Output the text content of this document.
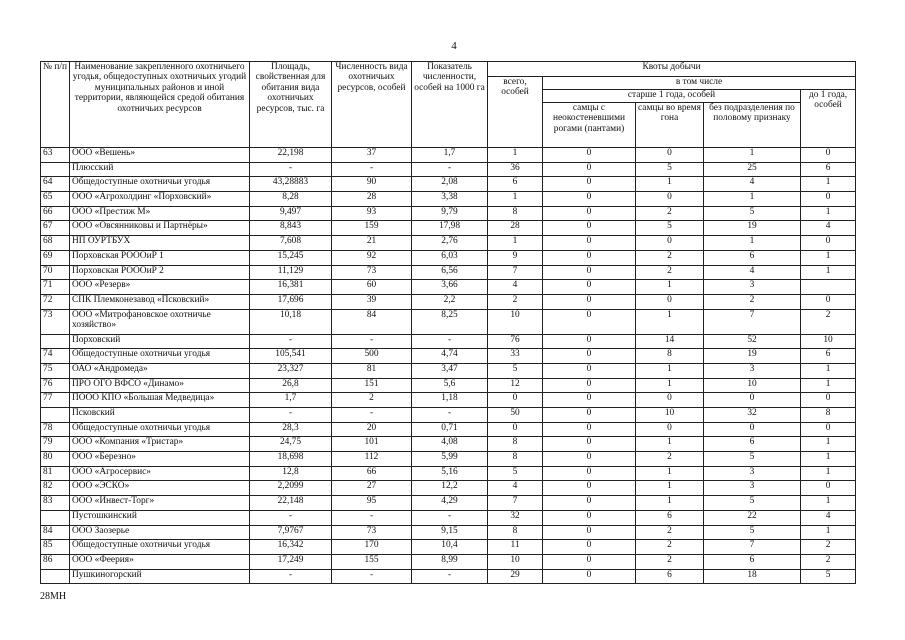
4
№ п/п	Наименование закрепленного охотничьего угодья, общедоступных охотничьих угодий муниципальных районов и иной территории, являющейся средой обитания охотничьих ресурсов	Площадь, свойственная для обитания вида охотничьих ресурсов, тыс. га	Численность вида охотничьих ресурсов, особей	Показатель численности, особей на 1000 га	Квоты добычи				
					всего, особей	в том числе			
						старше 1 года, особей			до 1 года, особей
						самцы с неокостеневшими рогами (пантами)	самцы во время гона	без подразделения по половому признаку	
63	ООО «Вешень»	22,198	37	1,7	1	0	0	1	0
	Плюсский	-	-	-	36	0	5	25	6
64	Общедоступные охотничьи угодья	43,28883	90	2,08	6	0	1	4	1
65	ООО «Агрохолдинг «Порховский»	8,28	28	3,38	1	0	0	1	0
66	ООО «Престиж М»	9,497	93	9,79	8	0	2	5	1
67	ООО «Овсянниковы и Партнёры»	8,843	159	17,98	28	0	5	19	4
68	НП ОУРТБУХ	7,608	21	2,76	1	0	0	1	0
69	Порховская РОООиР 1	15,245	92	6,03	9	0	2	6	1
70	Порховская РОООиР 2	11,129	73	6,56	7	0	2	4	1
71	ООО «Резерв»	16,381	60	3,66	4	0	1	3	
72	СПК Племконезавод «Псковский»	17,696	39	2,2	2	0	0	2	0
73	ООО «Митрофановское охотничье хозяйство»	10,18	84	8,25	10	0	1	7	2
	Порховский	-	-	-	76	0	14	52	10
74	Общедоступные охотничьи угодья	105,541	500	4,74	33	0	8	19	6
75	ОАО «Андромеда»	23,327	81	3,47	5	0	1	3	1
76	ПРО ОГО ВФСО «Динамо»	26,8	151	5,6	12	0	1	10	1
77	ПООО КПО «Большая Медведица»	1,7	2	1,18	0	0	0	0	0
	Псковский	-	-	-	50	0	10	32	8
78	Общедоступные охотничьи угодья	28,3	20	0,71	0	0	0	0	0
79	ООО «Компания «Тристар»	24,75	101	4,08	8	0	1	6	1
80	ООО «Березно»	18,698	112	5,99	8	0	2	5	1
81	ООО «Агросервис»	12,8	66	5,16	5	0	1	3	1
82	ООО «ЭСКО»	2,2099	27	12,2	4	0	1	3	0
83	ООО «Инвест-Торг»	22,148	95	4,29	7	0	1	5	1
	Пустошкинский	-	-	-	32	0	6	22	4
84	ООО Заозерье	7,9767	73	9,15	8	0	2	5	1
85	Общедоступные охотничьи угодья	16,342	170	10,4	11	0	2	7	2
86	ООО «Феерия»	17,249	155	8,99	10	0	2	6	2
	Пушкиногорский	-	-	-	29	0	6	18	5
28МН
